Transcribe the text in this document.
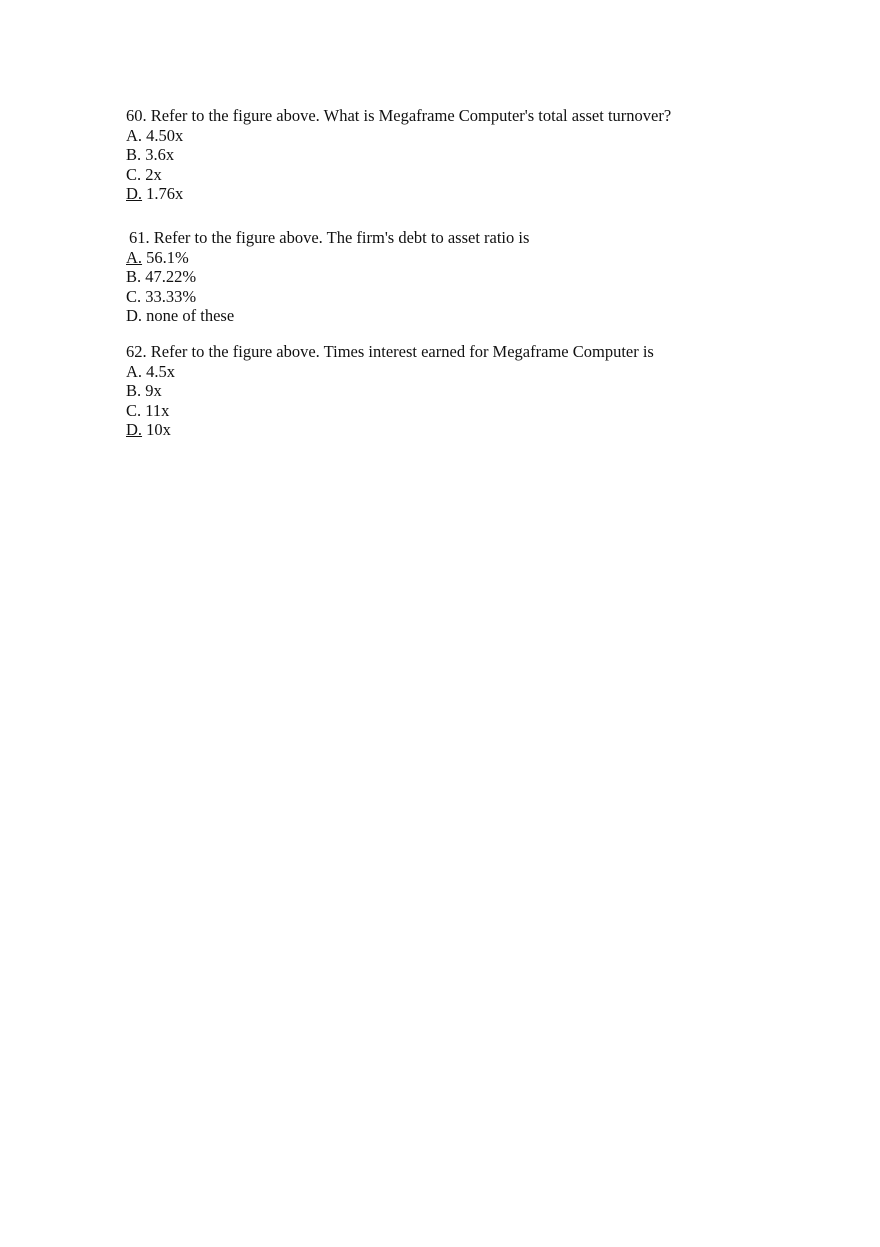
60. Refer to the figure above. What is Megaframe Computer's total asset turnover?
A. 4.50x
B. 3.6x
C. 2x
D. 1.76x
61. Refer to the figure above. The firm's debt to asset ratio is
A. 56.1%
B. 47.22%
C. 33.33%
D. none of these
62. Refer to the figure above. Times interest earned for Megaframe Computer is
A. 4.5x
B. 9x
C. 11x
D. 10x
